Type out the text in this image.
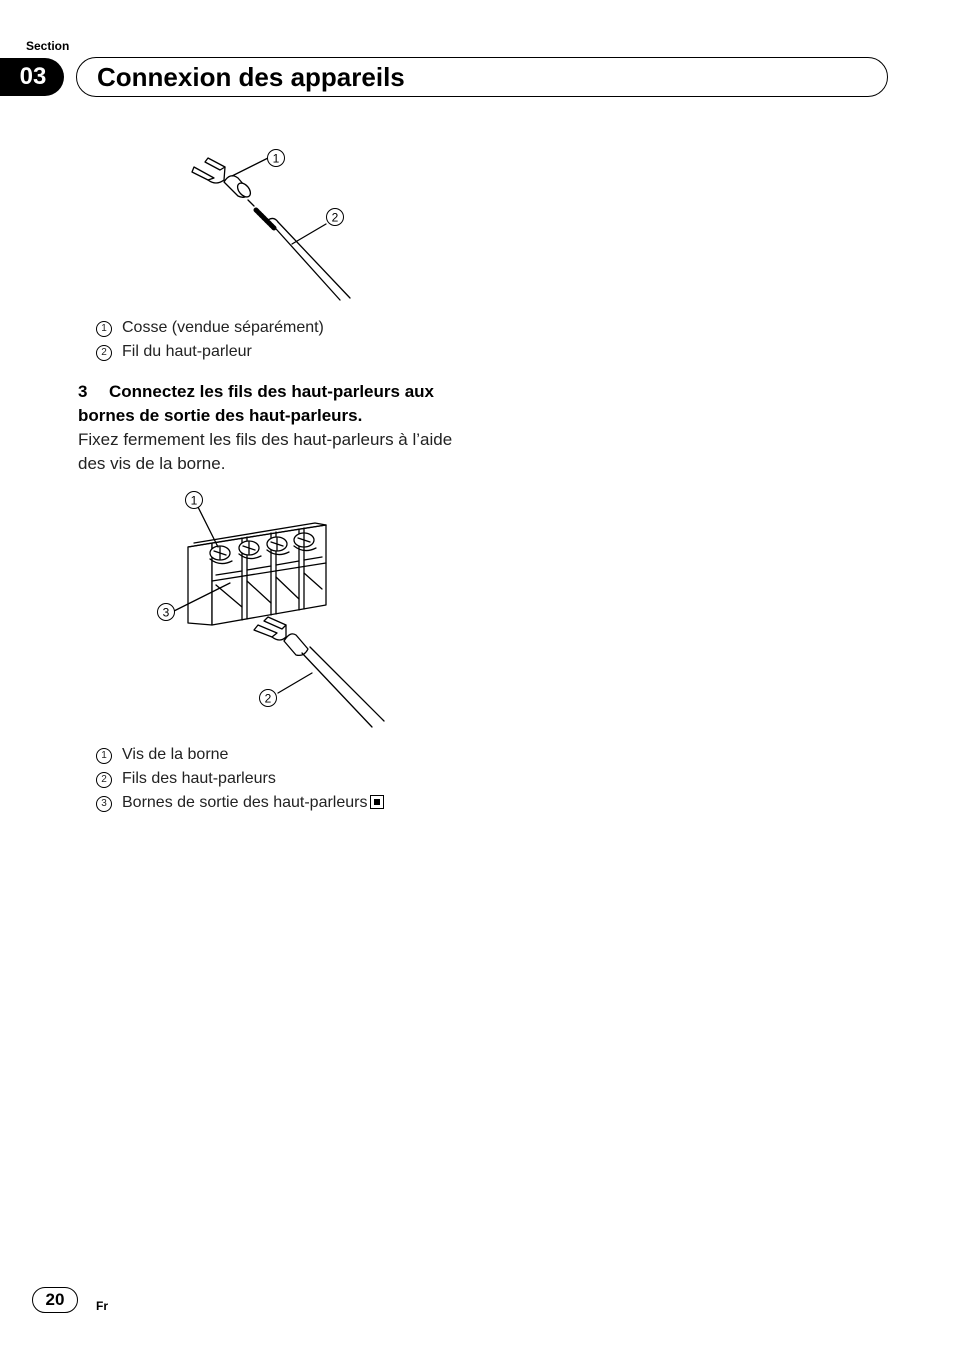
Section
03	Connexion des appareils
1
2
1 Cosse (vendue séparément)
2 Fil du haut-parleur
3 Connectez les fils des haut-parleurs aux bornes de sortie des haut-parleurs.
Fixez fermement les fils des haut-parleurs à l’aide des vis de la borne.
1
3
2
1 Vis de la borne
2 Fils des haut-parleurs
3 Bornes de sortie des haut-parleurs
20	Fr
